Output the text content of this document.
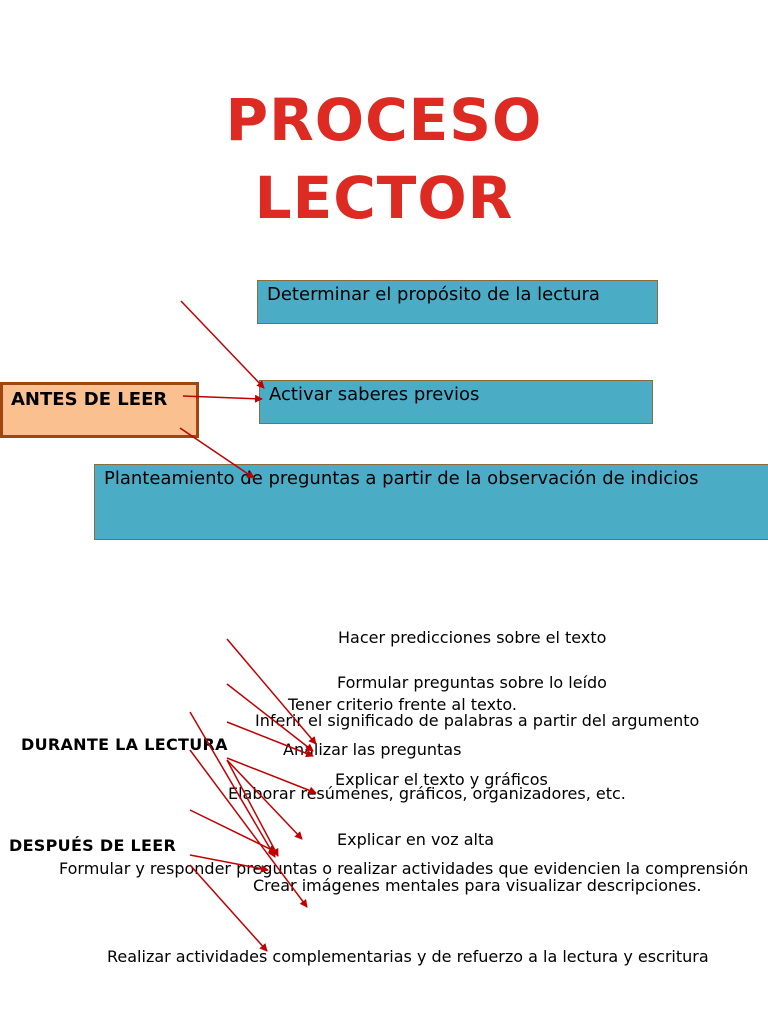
PROCESO
LECTOR
ANTES DE LEER
Determinar el propósito de la lectura
Activar saberes previos
Planteamiento de preguntas a partir de la observación de indicios
DURANTE LA LECTURA
Hacer predicciones sobre el texto
Formular preguntas sobre lo leído
Inferir el significado de palabras a partir del argumento
Analizar las preguntas
Explicar el texto y gráficos
Explicar en voz alta
Crear imágenes mentales para visualizar descripciones.
DESPUÉS DE LEER
Tener criterio frente al texto.
Elaborar resúmenes, gráficos, organizadores, etc.
Formular y responder preguntas o realizar actividades que evidencien la comprensión
Realizar actividades complementarias y de refuerzo a la lectura y escritura
